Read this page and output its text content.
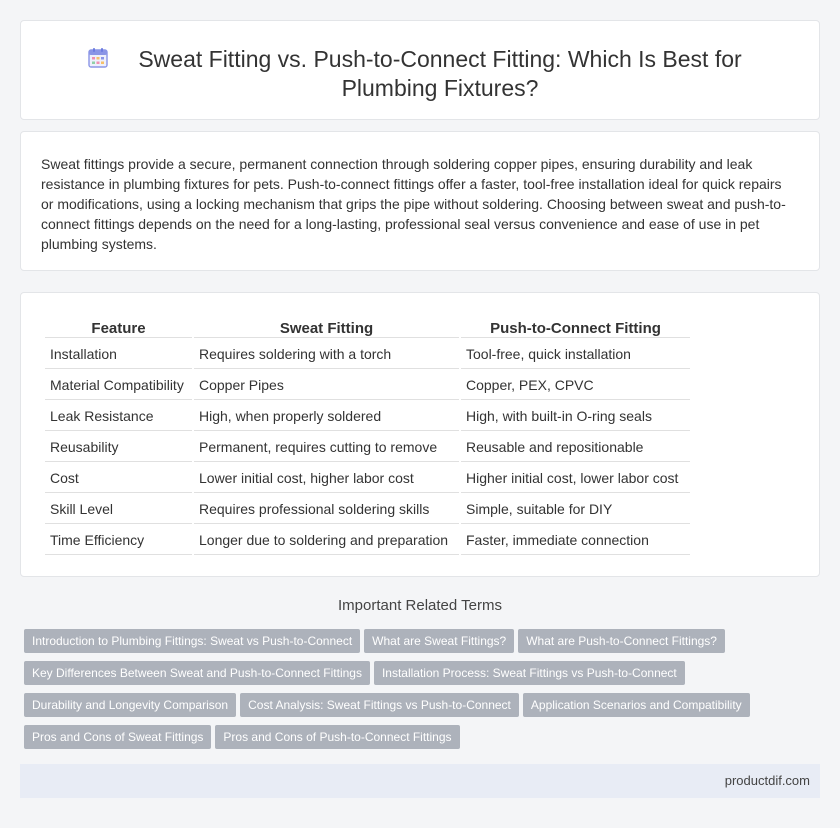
Sweat Fitting vs. Push-to-Connect Fitting: Which Is Best for Plumbing Fixtures?

Sweat fittings provide a secure, permanent connection through soldering copper pipes, ensuring durability and leak resistance in plumbing fixtures for pets. Push-to-connect fittings offer a faster, tool-free installation ideal for quick repairs or modifications, using a locking mechanism that grips the pipe without soldering. Choosing between sweat and push-to-connect fittings depends on the need for a long-lasting, professional seal versus convenience and ease of use in pet plumbing systems.

Feature	Sweat Fitting	Push-to-Connect Fitting
Installation	Requires soldering with a torch	Tool-free, quick installation
Material Compatibility	Copper Pipes	Copper, PEX, CPVC
Leak Resistance	High, when properly soldered	High, with built-in O-ring seals
Reusability	Permanent, requires cutting to remove	Reusable and repositionable
Cost	Lower initial cost, higher labor cost	Higher initial cost, lower labor cost
Skill Level	Requires professional soldering skills	Simple, suitable for DIY
Time Efficiency	Longer due to soldering and preparation	Faster, immediate connection
Important Related Terms
Introduction to Plumbing Fittings: Sweat vs Push-to-Connect What are Sweat Fittings? What are Push-to-Connect Fittings?
Key Differences Between Sweat and Push-to-Connect Fittings Installation Process: Sweat Fittings vs Push-to-Connect
Durability and Longevity Comparison Cost Analysis: Sweat Fittings vs Push-to-Connect Application Scenarios and Compatibility
Pros and Cons of Sweat Fittings Pros and Cons of Push-to-Connect Fittings
productdif.com
